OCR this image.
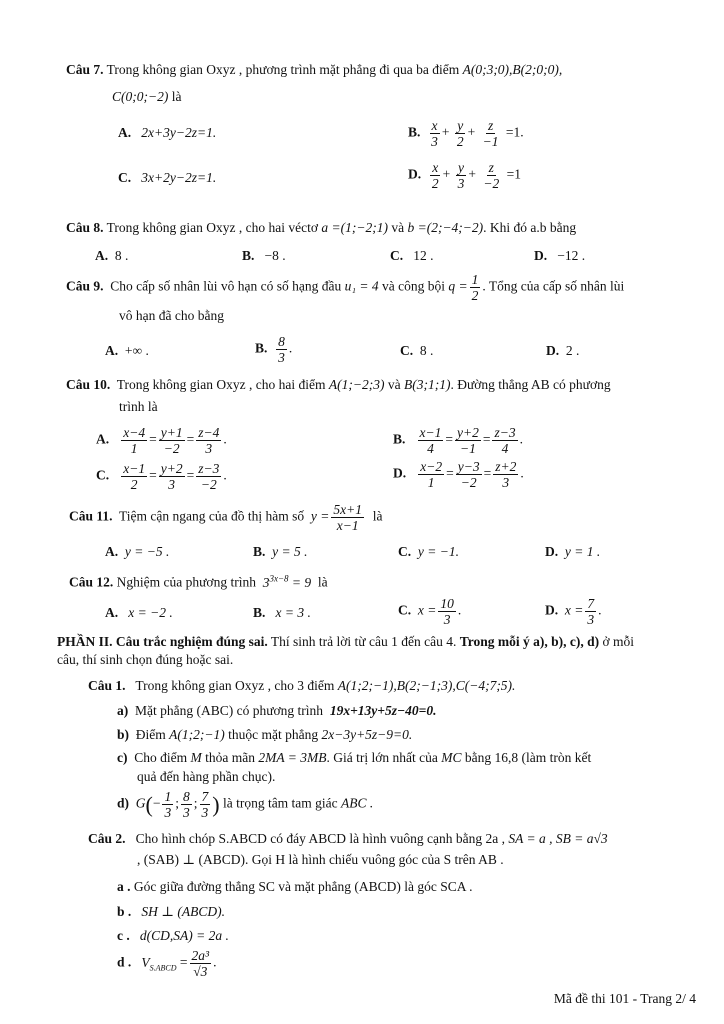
Câu 7. Trong không gian Oxyz , phương trình mặt phẳng đi qua ba điểm A(0;3;0),B(2;0;0),
C(0;0;−2) là
A. 2x+3y−2z=1.	B. $\frac{x}{3} + \frac{y}{2} + \frac{z}{-1} =1$.
C. 3x+2y−2z=1.	D. $\frac{x}{2} + \frac{y}{3} + \frac{z}{-2} =1$
Câu 8. Trong không gian Oxyz , cho hai véctơ a =(1;−2;1) và b =(2;−4;−2). Khi đó a.b bằng
A. 8 .	B. −8 .	C. 12 .	D. −12 .
Câu 9. Cho cấp số nhân lùi vô hạn có số hạng đầu u₁ = 4 và công bội $q = \frac{1}{2}$ . Tổng của cấp số nhân lùi
vô hạn đã cho bằng
A. +∞ .	B. $\frac{8}{3}$ .	C. 8 .	D. 2 .
Câu 10. Trong không gian Oxyz , cho hai điểm A(1;−2;3) và B(3;1;1). Đường thẳng AB có phương
trình là
A. $\frac{x-4}{1} = \frac{y+1}{-2} = \frac{z-4}{3}$ .	B. $\frac{x-1}{4} = \frac{y+2}{-1} = \frac{z-3}{4}$ .
C. $\frac{x-1}{2} = \frac{y+2}{3} = \frac{z-3}{-2}$ .	D. $\frac{x-2}{1} = \frac{y-3}{-2} = \frac{z+2}{3}$ .
Câu 11. Tiệm cận ngang của đồ thị hàm số $y = \frac{5x+1}{x-1}$ là
A. y = −5 .	B. y = 5 .	C. y = −1.	D. y = 1 .
Câu 12. Nghiệm của phương trình $3^{3x-8} = 9$ là
A. x = −2 .	B. x = 3 .	C. $x = \frac{10}{3}$ .	D. $x = \frac{7}{3}$ .
PHẦN II. Câu trắc nghiệm đúng sai. Thí sinh trả lời từ câu 1 đến câu 4. Trong mỗi ý a), b), c), d) ở mỗi
câu, thí sinh chọn đúng hoặc sai.
Câu 1. Trong không gian Oxyz , cho 3 điểm A(1;2;−1),B(2;−1;3),C(−4;7;5).
a) Mặt phẳng (ABC) có phương trình 19x+13y+5z−40=0.
b) Điểm A(1;2;−1) thuộc mặt phẳng 2x−3y+5z−9=0.
c) Cho điểm M thỏa mãn 2MA = 3MB. Giá trị lớn nhất của MC bằng 16,8 (làm tròn kết
quả đến hàng phần chục).
d) $G(- \frac{1}{3}$ ; $\frac{8}{3}$ ; $\frac{7}{3}$ ) là trọng tâm tam giác ABC .
Câu 2. Cho hình chóp S.ABCD có đáy ABCD là hình vuông cạnh bằng 2a , SA = a , SB = a√3
, (SAB) ⊥ (ABCD). Gọi H là hình chiếu vuông góc của S trên AB .
a . Góc giữa đường thẳng SC và mặt phẳng (ABCD) là góc SCA .
b . SH ⊥ (ABCD).
c . d(CD,SA) = 2a .
d . $V_{S.ABCD} = \frac{\text{2a³}}{√3}$ .
Mã đề thi 101 - Trang 2/ 4
